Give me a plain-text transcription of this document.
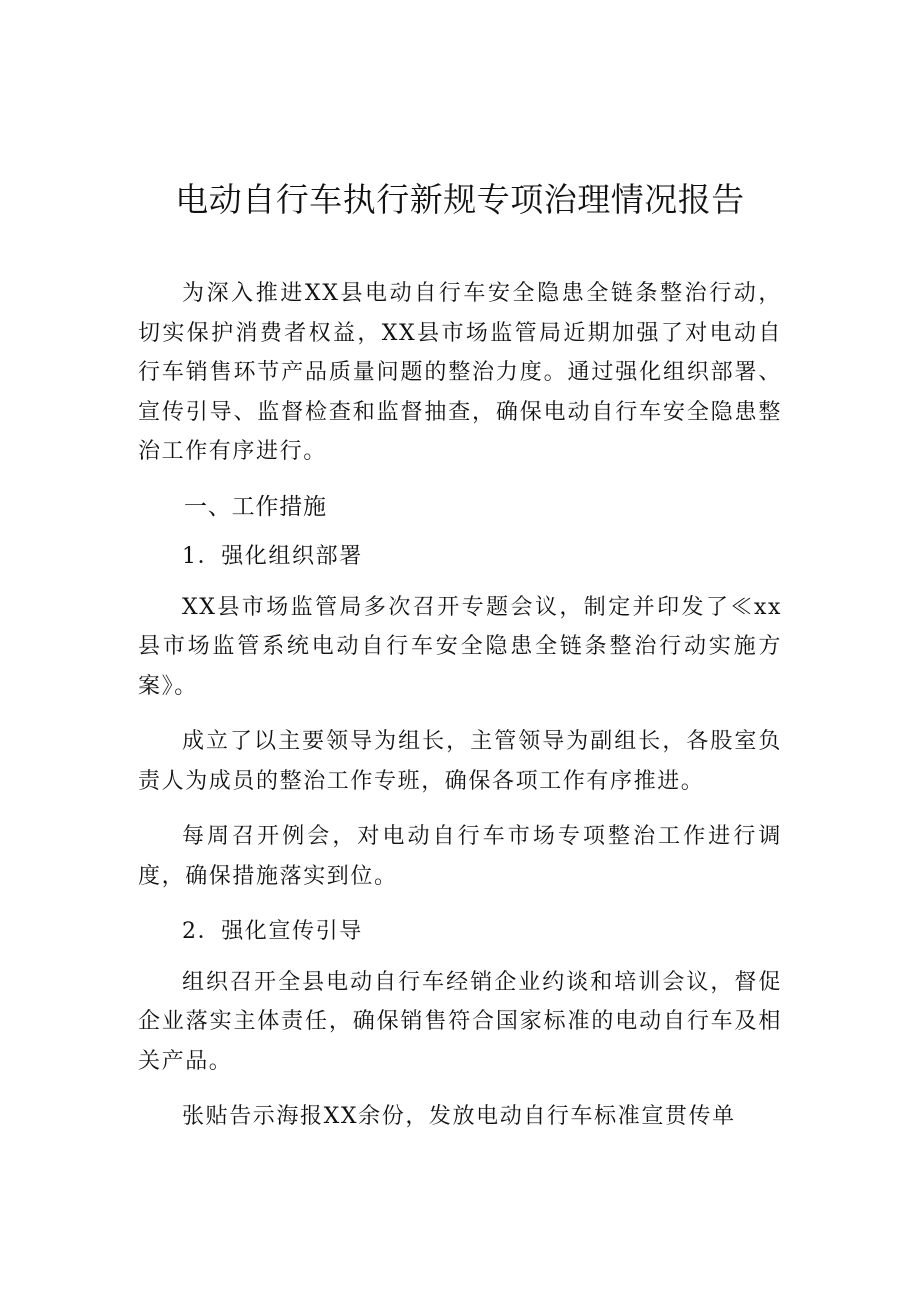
电动自行车执行新规专项治理情况报告

为深入推进XX县电动自行车安全隐患全链条整治行动，切实保护消费者权益，XX县市场监管局近期加强了对电动自行车销售环节产品质量问题的整治力度。通过强化组织部署、宣传引导、监督检查和监督抽查，确保电动自行车安全隐患整治工作有序进行。

一、工作措施
1．强化组织部署

XX县市场监管局多次召开专题会议，制定并印发了≪xx县市场监管系统电动自行车安全隐患全链条整治行动实施方案》。

成立了以主要领导为组长，主管领导为副组长，各股室负责人为成员的整治工作专班，确保各项工作有序推进。

每周召开例会，对电动自行车市场专项整治工作进行调度，确保措施落实到位。

2．强化宣传引导

组织召开全县电动自行车经销企业约谈和培训会议，督促企业落实主体责任，确保销售符合国家标准的电动自行车及相关产品。

张贴告示海报XX余份，发放电动自行车标准宣贯传单
